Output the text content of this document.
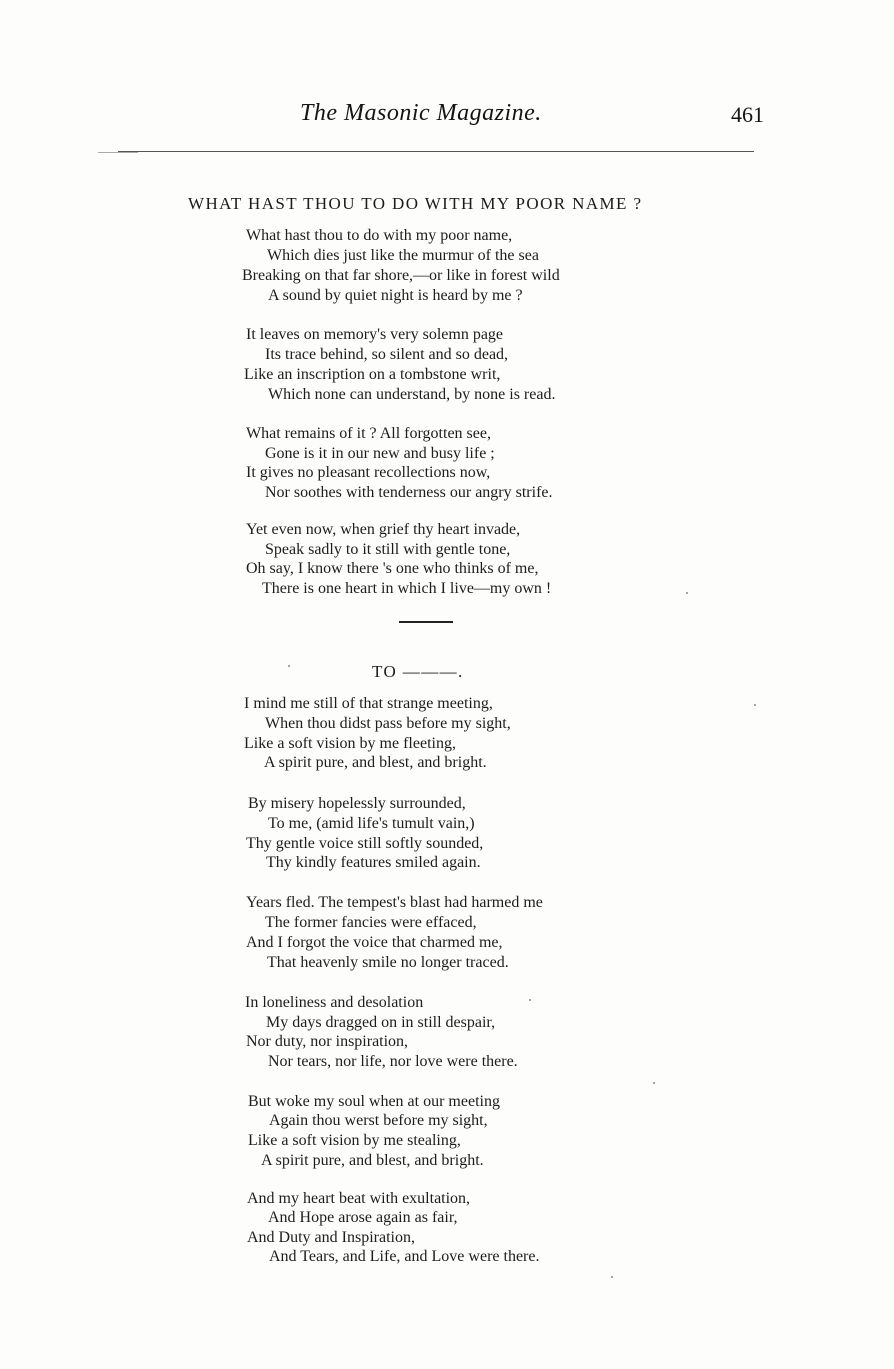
The Masonic Magazine.	461
WHAT HAST THOU TO DO WITH MY POOR NAME ?
What hast thou to do with my poor name,
Which dies just like the murmur of the sea
Breaking on that far shore,—or like in forest wild
A sound by quiet night is heard by me ?
It leaves on memory's very solemn page
Its trace behind, so silent and so dead,
Like an inscription on a tombstone writ,
Which none can understand, by none is read.
What remains of it ? All forgotten see,
Gone is it in our new and busy life ;
It gives no pleasant recollections now,
Nor soothes with tenderness our angry strife.
Yet even now, when grief thy heart invade,
Speak sadly to it still with gentle tone,
Oh say, I know there 's one who thinks of me,
There is one heart in which I live—my own !
TO ———.
I mind me still of that strange meeting,
When thou didst pass before my sight,
Like a soft vision by me fleeting,
A spirit pure, and blest, and bright.
By misery hopelessly surrounded,
To me, (amid life's tumult vain,)
Thy gentle voice still softly sounded,
Thy kindly features smiled again.
Years fled. The tempest's blast had harmed me
The former fancies were effaced,
And I forgot the voice that charmed me,
That heavenly smile no longer traced.
In loneliness and desolation
My days dragged on in still despair,
Nor duty, nor inspiration,
Nor tears, nor life, nor love were there.
But woke my soul when at our meeting
Again thou werst before my sight,
Like a soft vision by me stealing,
A spirit pure, and blest, and bright.
And my heart beat with exultation,
And Hope arose again as fair,
And Duty and Inspiration,
And Tears, and Life, and Love were there.
